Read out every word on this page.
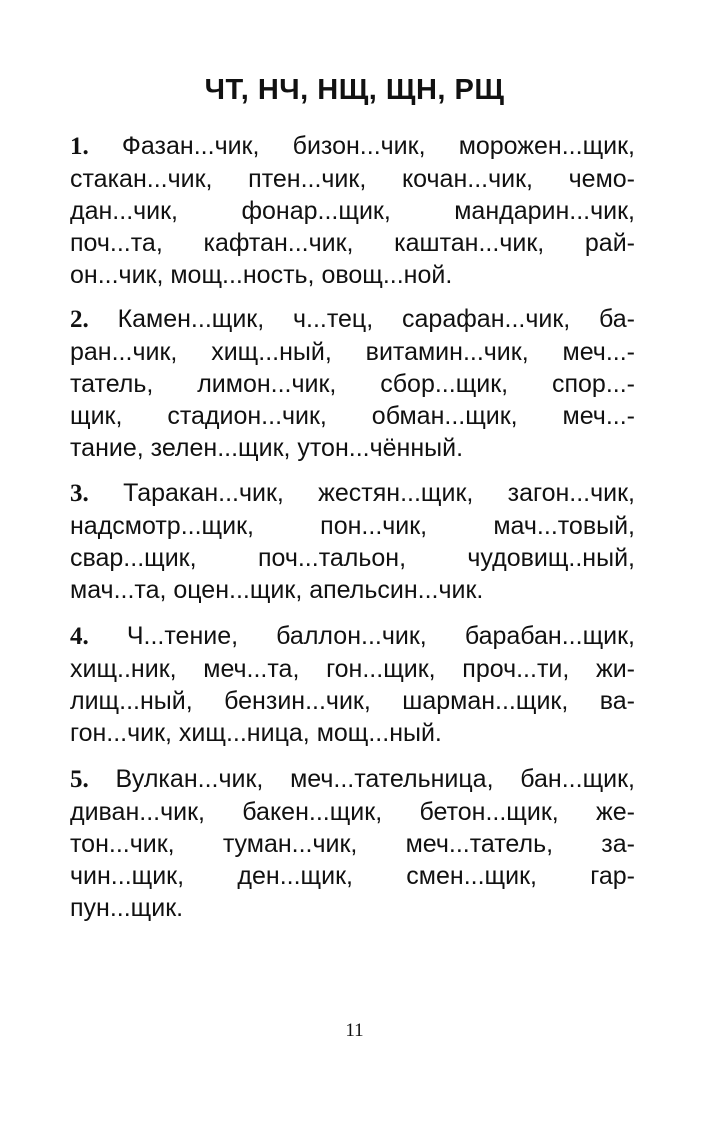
ЧТ, НЧ, НЩ, ЩН, РЩ
1. Фазан...чик, бизон...чик, морожен...щик,
стакан...чик, птен...чик, кочан...чик, чемо-
дан...чик, фонар...щик, мандарин...чик,
поч...та, кафтан...чик, каштан...чик, рай-
он...чик, мощ...ность, овощ...ной.
2. Камен...щик, ч...тец, сарафан...чик, ба-
ран...чик, хищ...ный, витамин...чик, меч...-
татель, лимон...чик, сбор...щик, спор...-
щик, стадион...чик, обман...щик, меч...-
тание, зелен...щик, утон...чённый.
3. Таракан...чик, жестян...щик, загон...чик,
надсмотр...щик, пон...чик, мач...товый,
свар...щик, поч...тальон, чудовищ..ный,
мач...та, оцен...щик, апельсин...чик.
4. Ч...тение, баллон...чик, барабан...щик,
хищ..ник, меч...та, гон...щик, проч...ти, жи-
лищ...ный, бензин...чик, шарман...щик, ва-
гон...чик, хищ...ница, мощ...ный.
5. Вулкан...чик, меч...тательница, бан...щик,
диван...чик, бакен...щик, бетон...щик, же-
тон...чик, туман...чик, меч...татель, за-
чин...щик, ден...щик, смен...щик, гар-
пун...щик.
11
